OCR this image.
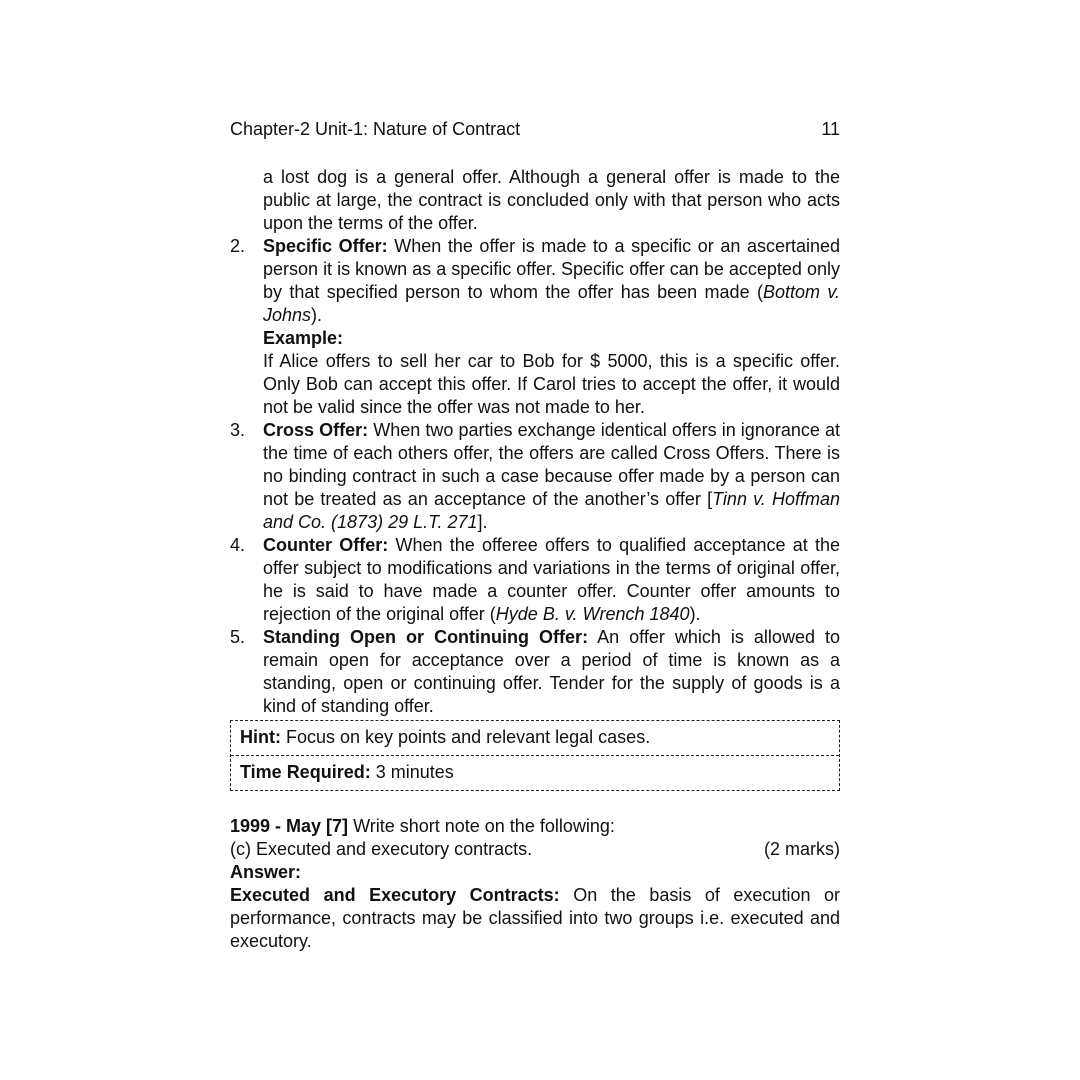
Chapter-2 Unit-1: Nature of Contract	11
a lost dog is a general offer. Although a general offer is made to the public at large, the contract is concluded only with that person who acts upon the terms of the offer.
2. Specific Offer: When the offer is made to a specific or an ascertained person it is known as a specific offer. Specific offer can be accepted only by that specified person to whom the offer has been made (Bottom v. Johns).
Example:
If Alice offers to sell her car to Bob for $ 5000, this is a specific offer. Only Bob can accept this offer. If Carol tries to accept the offer, it would not be valid since the offer was not made to her.
3. Cross Offer: When two parties exchange identical offers in ignorance at the time of each others offer, the offers are called Cross Offers. There is no binding contract in such a case because offer made by a person can not be treated as an acceptance of the another’s offer [Tinn v. Hoffman and Co. (1873) 29 L.T. 271].
4. Counter Offer: When the offeree offers to qualified acceptance at the offer subject to modifications and variations in the terms of original offer, he is said to have made a counter offer. Counter offer amounts to rejection of the original offer (Hyde B. v. Wrench 1840).
5. Standing Open or Continuing Offer: An offer which is allowed to remain open for acceptance over a period of time is known as a standing, open or continuing offer. Tender for the supply of goods is a kind of standing offer.
Hint: Focus on key points and relevant legal cases.
Time Required: 3 minutes
1999 - May [7] Write short note on the following:
(c) Executed and executory contracts.	(2 marks)
Answer:
Executed and Executory Contracts: On the basis of execution or performance, contracts may be classified into two groups i.e. executed and executory.
